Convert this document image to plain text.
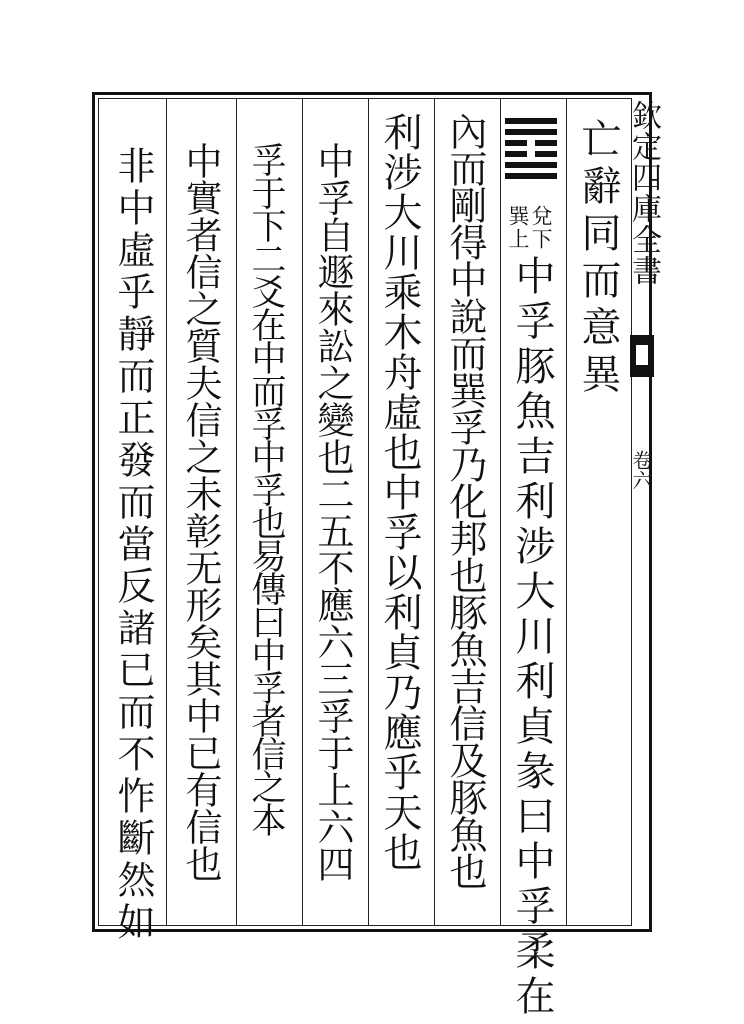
欽定四庫全書
卷六
亡辭同而意異
兌下
巽上
中孚豚魚吉利涉大川利貞彖曰中孚柔在
內而剛得中說而巽孚乃化邦也豚魚吉信及豚魚也
利涉大川乘木舟虛也中孚以利貞乃應乎天也
中孚自遯來訟之變也二五不應六三孚于上六四
孚于下二爻在中而孚中孚也易傳曰中孚者信之本
中實者信之質夫信之未彰无形矣其中已有信也
非中虛乎靜而正發而當反諸已而不怍斷然如
